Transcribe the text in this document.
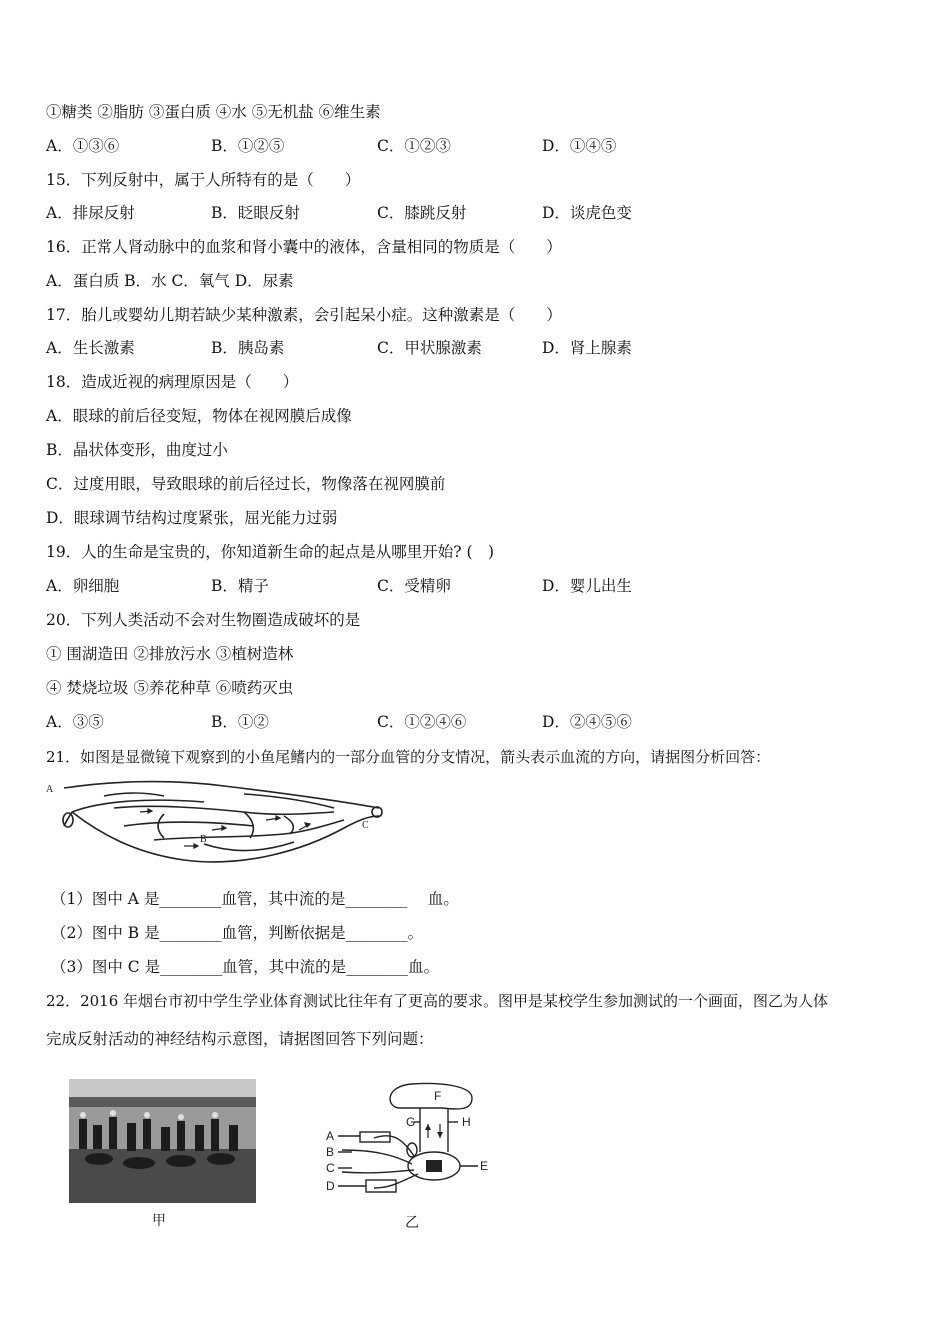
①糖类 ②脂肪 ③蛋白质 ④水 ⑤无机盐 ⑥维生素
A．①③⑥	B．①②⑤	C．①②③	D．①④⑤
15．下列反射中，属于人所特有的是（　　）
A．排尿反射	B．眨眼反射	C．膝跳反射	D．谈虎色变
16．正常人肾动脉中的血浆和肾小囊中的液体，含量相同的物质是（　　）
A．蛋白质 B．水 C．氧气 D．尿素
17．胎儿或婴幼儿期若缺少某种激素，会引起呆小症。这种激素是（　　）
A．生长激素	B．胰岛素	C．甲状腺激素	D．肾上腺素
18．造成近视的病理原因是（　　）
A．眼球的前后径变短，物体在视网膜后成像
B．晶状体变形，曲度过小
C．过度用眼，导致眼球的前后径过长，物像落在视网膜前
D．眼球调节结构过度紧张，屈光能力过弱
19．人的生命是宝贵的，你知道新生命的起点是从哪里开始? (　)
A．卵细胞	B．精子	C．受精卵	D．婴儿出生
20．下列人类活动不会对生物圈造成破坏的是
① 围湖造田 ②排放污水 ③植树造林
④ 焚烧垃圾 ⑤养花种草 ⑥喷药灭虫
A．③⑤	B．①②	C．①②④⑥	D．②④⑤⑥
21．如图是显微镜下观察到的小鱼尾鳍内的一部分血管的分支情况，箭头表示血流的方向，请据图分析回答：
A
B
C
（1）图中 A 是________血管，其中流的是________　 血。
（2）图中 B 是________血管，判断依据是________。
（3）图中 C 是________血管，其中流的是________血。
22．2016 年烟台市初中学生学业体育测试比往年有了更高的要求。图甲是某校学生参加测试的一个画面，图乙为人体
完成反射活动的神经结构示意图，请据图回答下列问题：
甲
A
B
C
D
E
F
G	H
乙
